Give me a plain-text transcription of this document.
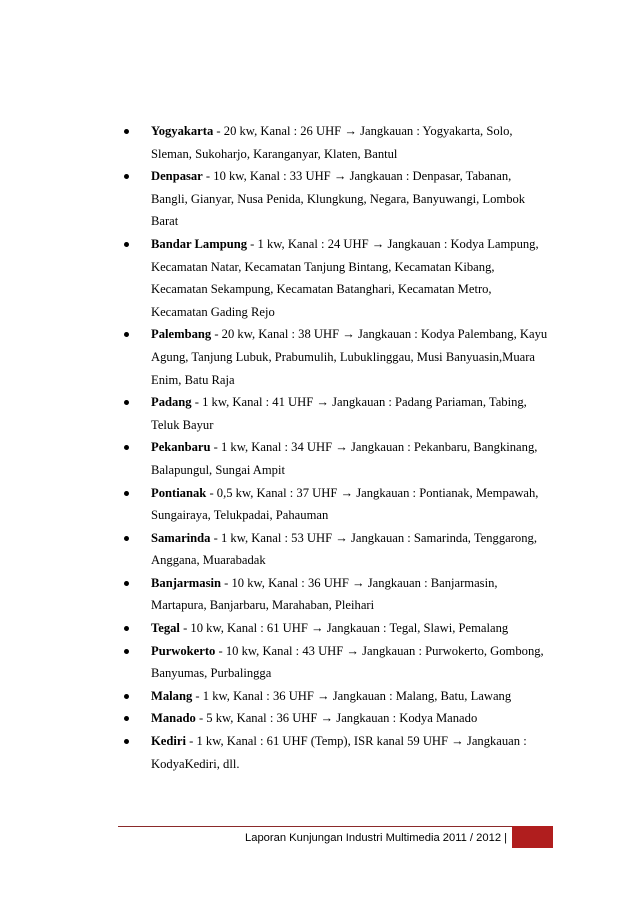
Yogyakarta - 20 kw, Kanal : 26 UHF → Jangkauan : Yogyakarta, Solo, Sleman, Sukoharjo, Karanganyar, Klaten, Bantul
Denpasar - 10 kw, Kanal : 33 UHF → Jangkauan : Denpasar, Tabanan, Bangli, Gianyar, Nusa Penida, Klungkung, Negara, Banyuwangi, Lombok Barat
Bandar Lampung - 1 kw, Kanal : 24 UHF → Jangkauan : Kodya Lampung, Kecamatan Natar, Kecamatan Tanjung Bintang, Kecamatan Kibang, Kecamatan Sekampung, Kecamatan Batanghari, Kecamatan Metro, Kecamatan Gading Rejo
Palembang - 20 kw, Kanal : 38 UHF → Jangkauan : Kodya Palembang, Kayu Agung, Tanjung Lubuk, Prabumulih, Lubuklinggau, Musi Banyuasin,Muara Enim, Batu Raja
Padang - 1 kw, Kanal : 41 UHF → Jangkauan : Padang Pariaman, Tabing, Teluk Bayur
Pekanbaru - 1 kw, Kanal : 34 UHF → Jangkauan : Pekanbaru, Bangkinang, Balapungul, Sungai Ampit
Pontianak - 0,5 kw, Kanal : 37 UHF → Jangkauan : Pontianak, Mempawah, Sungairaya, Telukpadai, Pahauman
Samarinda - 1 kw, Kanal : 53 UHF → Jangkauan : Samarinda, Tenggarong, Anggana, Muarabadak
Banjarmasin - 10 kw, Kanal : 36 UHF → Jangkauan : Banjarmasin, Martapura, Banjarbaru, Marahaban, Pleihari
Tegal - 10 kw, Kanal : 61 UHF → Jangkauan : Tegal, Slawi, Pemalang
Purwokerto - 10 kw, Kanal : 43 UHF → Jangkauan : Purwokerto, Gombong, Banyumas, Purbalingga
Malang - 1 kw, Kanal : 36 UHF → Jangkauan : Malang, Batu, Lawang
Manado - 5 kw, Kanal : 36 UHF → Jangkauan : Kodya Manado
Kediri - 1 kw, Kanal : 61 UHF (Temp), ISR kanal 59 UHF → Jangkauan : KodyaKediri, dll.
Laporan Kunjungan Industri Multimedia 2011 / 2012 |
